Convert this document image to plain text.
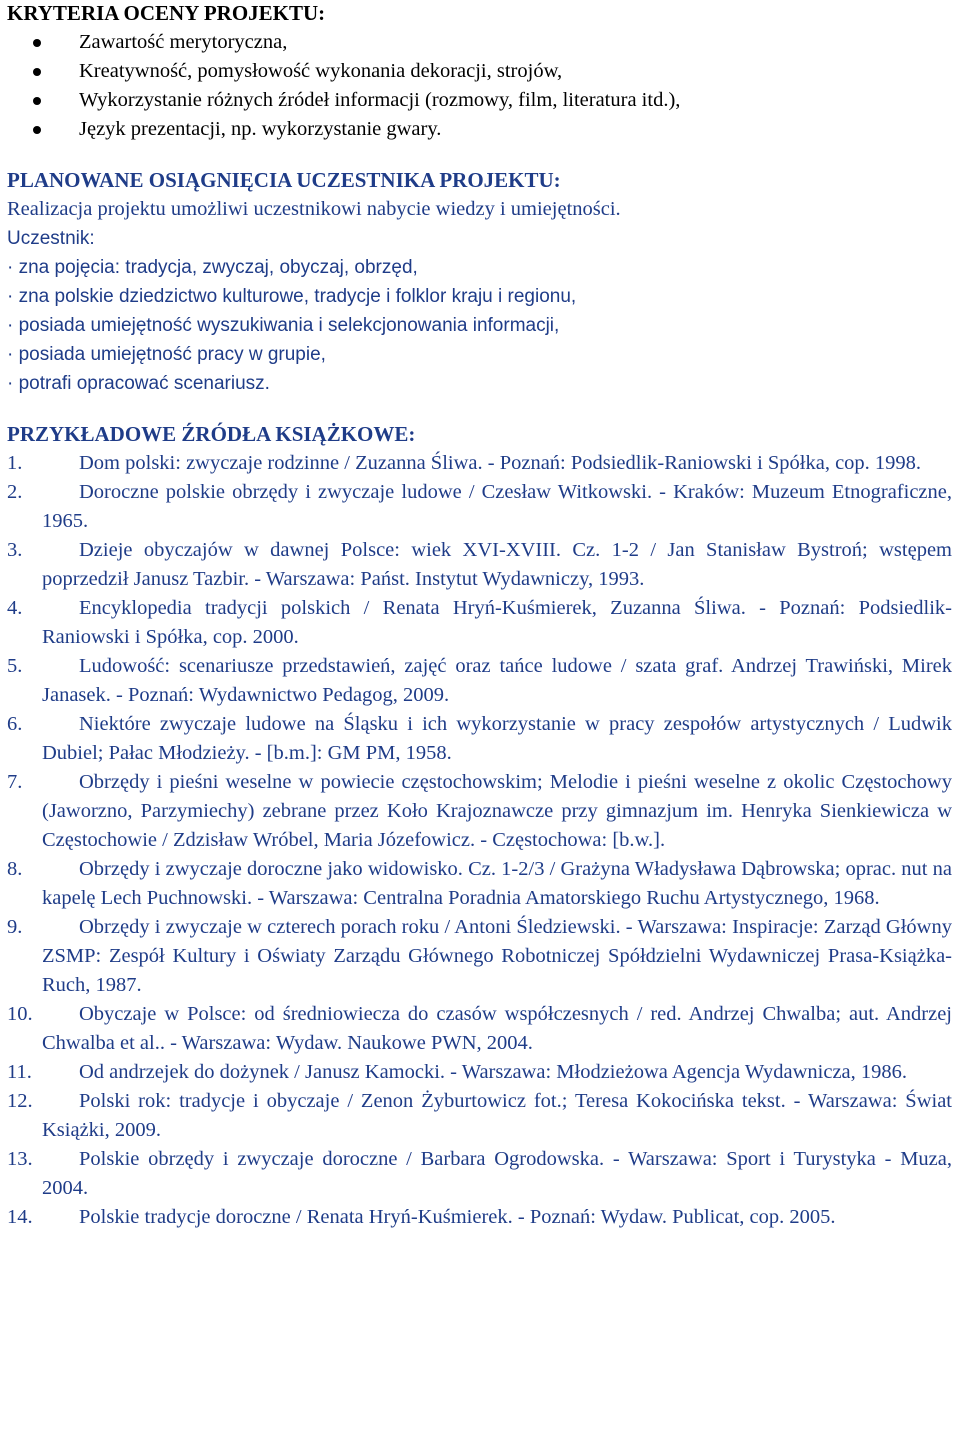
KRYTERIA OCENY PROJEKTU:
Zawartość merytoryczna,
Kreatywność, pomysłowość wykonania dekoracji, strojów,
Wykorzystanie różnych źródeł informacji (rozmowy, film, literatura itd.),
Język prezentacji, np. wykorzystanie gwary.
PLANOWANE OSIĄGNIĘCIA UCZESTNIKA PROJEKTU:

Realizacja projektu umożliwi uczestnikowi nabycie wiedzy i umiejętności.

Uczestnik:

· zna pojęcia: tradycja, zwyczaj, obyczaj, obrzęd,

· zna polskie dziedzictwo kulturowe, tradycje i folklor kraju i regionu,

· posiada umiejętność wyszukiwania i selekcjonowania informacji,

· posiada umiejętność pracy w grupie,

· potrafi opracować scenariusz.

PRZYKŁADOWE ŹRÓDŁA KSIĄŻKOWE:
1.	Dom polski: zwyczaje rodzinne / Zuzanna Śliwa. - Poznań: Podsiedlik-Raniowski i Spółka, cop. 1998.
2.	Doroczne polskie obrzędy i zwyczaje ludowe / Czesław Witkowski. - Kraków: Muzeum Etnograficzne, 1965.
3.	Dzieje obyczajów w dawnej Polsce: wiek XVI-XVIII. Cz. 1-2 / Jan Stanisław Bystroń; wstępem poprzedził Janusz Tazbir. - Warszawa: Państ. Instytut Wydawniczy, 1993.
4.	Encyklopedia tradycji polskich / Renata Hryń-Kuśmierek, Zuzanna Śliwa. - Poznań: Podsiedlik-Raniowski i Spółka, cop. 2000.
5.	Ludowość: scenariusze przedstawień, zajęć oraz tańce ludowe / szata graf. Andrzej Trawiński, Mirek Janasek. - Poznań: Wydawnictwo Pedagog, 2009.
6.	Niektóre zwyczaje ludowe na Śląsku i ich wykorzystanie w pracy zespołów artystycznych / Ludwik Dubiel; Pałac Młodzieży. - [b.m.]: GM PM, 1958.
7.	Obrzędy i pieśni weselne w powiecie częstochowskim; Melodie i pieśni weselne z okolic Częstochowy (Jaworzno, Parzymiechy) zebrane przez Koło Krajoznawcze przy gimnazjum im. Henryka Sienkiewicza w Częstochowie / Zdzisław Wróbel, Maria Józefowicz. - Częstochowa: [b.w.].
8.	Obrzędy i zwyczaje doroczne jako widowisko. Cz. 1-2/3 / Grażyna Władysława Dąbrowska; oprac. nut na kapelę Lech Puchnowski. - Warszawa: Centralna Poradnia Amatorskiego Ruchu Artystycznego, 1968.
9.	Obrzędy i zwyczaje w czterech porach roku / Antoni Śledziewski. - Warszawa: Inspiracje: Zarząd Główny ZSMP: Zespół Kultury i Oświaty Zarządu Głównego Robotniczej Spółdzielni Wydawniczej Prasa-Książka-Ruch, 1987.
10.	Obyczaje w Polsce: od średniowiecza do czasów współczesnych / red. Andrzej Chwalba; aut. Andrzej Chwalba et al.. - Warszawa: Wydaw. Naukowe PWN, 2004.
11.	Od andrzejek do dożynek / Janusz Kamocki. - Warszawa: Młodzieżowa Agencja Wydawnicza, 1986.
12.	Polski rok: tradycje i obyczaje / Zenon Żyburtowicz fot.; Teresa Kokocińska tekst. - Warszawa: Świat Książki, 2009.
13.	Polskie obrzędy i zwyczaje doroczne / Barbara Ogrodowska. - Warszawa: Sport i Turystyka - Muza, 2004.
14.	Polskie tradycje doroczne / Renata Hryń-Kuśmierek. - Poznań: Wydaw. Publicat, cop. 2005.
